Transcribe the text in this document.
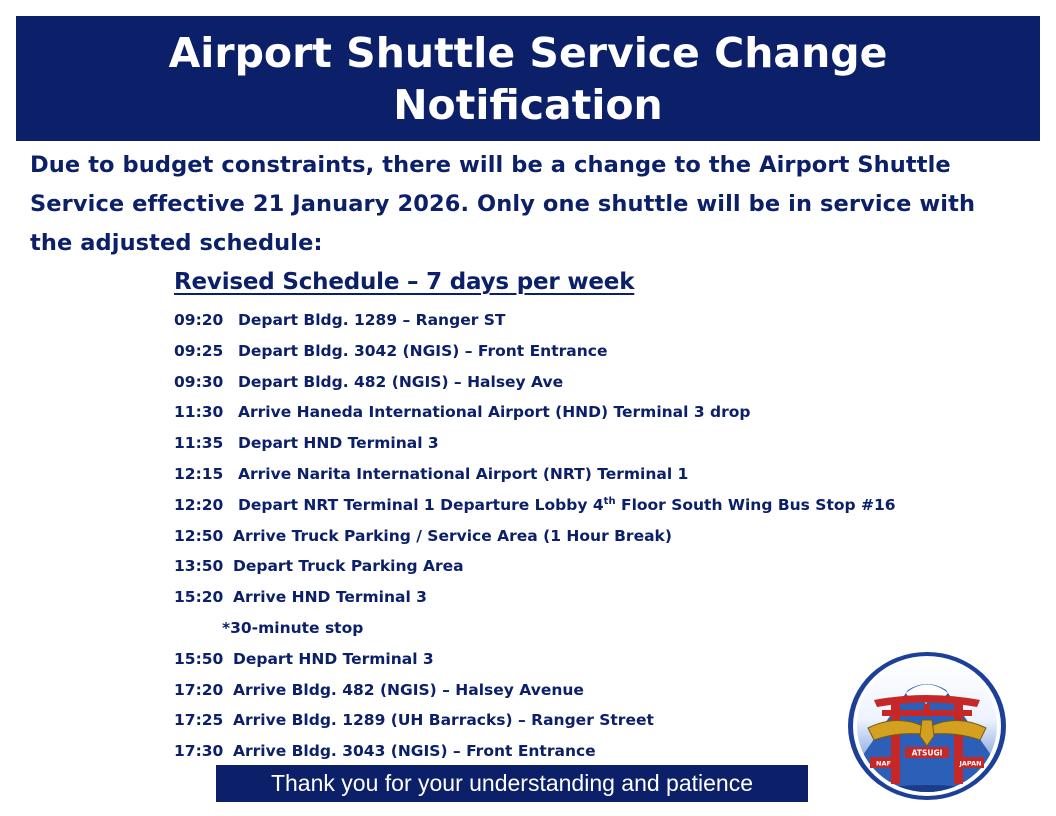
Airport Shuttle Service Change
Notification
Due to budget constraints, there will be a change to the Airport Shuttle Service effective 21 January 2026. Only one shuttle will be in service with the adjusted schedule:
Revised Schedule – 7 days per week
09:20 Depart Bldg. 1289 – Ranger ST
09:25 Depart Bldg. 3042 (NGIS) – Front Entrance
09:30 Depart Bldg. 482 (NGIS) – Halsey Ave
11:30 Arrive Haneda International Airport (HND) Terminal 3 drop
11:35 Depart HND Terminal 3
12:15 Arrive Narita International Airport (NRT) Terminal 1
12:20 Depart NRT Terminal 1 Departure Lobby 4th Floor South Wing Bus Stop #16
12:50 Arrive Truck Parking / Service Area (1 Hour Break)
13:50 Depart Truck Parking Area
15:20 Arrive HND Terminal 3
*30-minute stop
15:50 Depart HND Terminal 3
17:20 Arrive Bldg. 482 (NGIS) – Halsey Avenue
17:25 Arrive Bldg. 1289 (UH Barracks) – Ranger Street
17:30 Arrive Bldg. 3043 (NGIS) – Front Entrance
Thank you for your understanding and patience
ATSUGI
NAF	JAPAN
